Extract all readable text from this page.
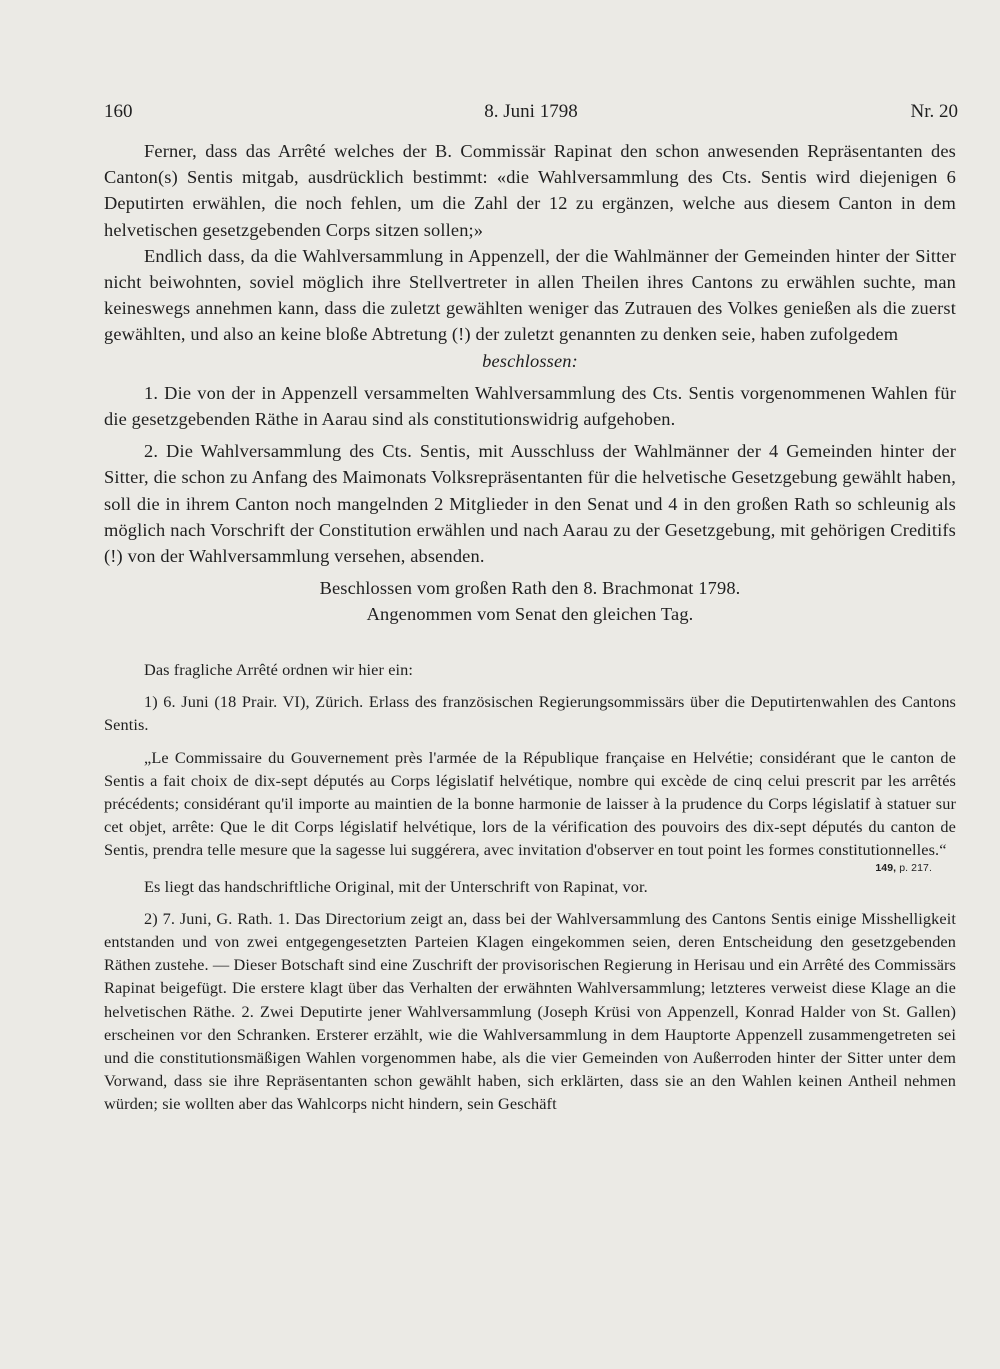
160	8. Juni 1798	Nr. 20

Ferner, dass das Arrêté welches der B. Commissär Rapinat den schon anwesenden Repräsentanten des Canton(s) Sentis mitgab, ausdrücklich bestimmt: «die Wahlversammlung des Cts. Sentis wird diejenigen 6 Deputirten erwählen, die noch fehlen, um die Zahl der 12 zu ergänzen, welche aus diesem Canton in dem helvetischen gesetzgebenden Corps sitzen sollen;»

Endlich dass, da die Wahlversammlung in Appenzell, der die Wahlmänner der Gemeinden hinter der Sitter nicht beiwohnten, soviel möglich ihre Stellvertreter in allen Theilen ihres Cantons zu erwählen suchte, man keineswegs annehmen kann, dass die zuletzt gewählten weniger das Zutrauen des Volkes genießen als die zuerst gewählten, und also an keine bloße Abtretung (!) der zuletzt genannten zu denken seie, haben zufolgedem

beschlossen:

1. Die von der in Appenzell versammelten Wahlversammlung des Cts. Sentis vorgenommenen Wahlen für die gesetzgebenden Räthe in Aarau sind als constitutionswidrig aufgehoben.

2. Die Wahlversammlung des Cts. Sentis, mit Ausschluss der Wahlmänner der 4 Gemeinden hinter der Sitter, die schon zu Anfang des Maimonats Volksrepräsentanten für die helvetische Gesetzgebung gewählt haben, soll die in ihrem Canton noch mangelnden 2 Mitglieder in den Senat und 4 in den großen Rath so schleunig als möglich nach Vorschrift der Constitution erwählen und nach Aarau zu der Gesetzgebung, mit gehörigen Creditifs (!) von der Wahlversammlung versehen, absenden.

Beschlossen vom großen Rath den 8. Brachmonat 1798.

Angenommen vom Senat den gleichen Tag.

Das fragliche Arrêté ordnen wir hier ein:

1) 6. Juni (18 Prair. VI), Zürich. Erlass des französischen Regierungsommissärs über die Deputirtenwahlen des Cantons Sentis.

„Le Commissaire du Gouvernement près l'armée de la République française en Helvétie; considérant que le canton de Sentis a fait choix de dix-sept députés au Corps législatif helvétique, nombre qui excède de cinq celui prescrit par les arrêtés précédents; considérant qu'il importe au maintien de la bonne harmonie de laisser à la prudence du Corps législatif à statuer sur cet objet, arrête: Que le dit Corps législatif helvétique, lors de la vérification des pouvoirs des dix-sept députés du canton de Sentis, prendra telle mesure que la sagesse lui suggérera, avec invitation d'observer en tout point les formes constitutionnelles.“

149, p. 217.

Es liegt das handschriftliche Original, mit der Unterschrift von Rapinat, vor.

2) 7. Juni, G. Rath. 1. Das Directorium zeigt an, dass bei der Wahlversammlung des Cantons Sentis einige Misshelligkeit entstanden und von zwei entgegengesetzten Parteien Klagen eingekommen seien, deren Entscheidung den gesetzgebenden Räthen zustehe. — Dieser Botschaft sind eine Zuschrift der provisorischen Regierung in Herisau und ein Arrêté des Commissärs Rapinat beigefügt. Die erstere klagt über das Verhalten der erwähnten Wahlversammlung; letzteres verweist diese Klage an die helvetischen Räthe. 2. Zwei Deputirte jener Wahlversammlung (Joseph Krüsi von Appenzell, Konrad Halder von St. Gallen) erscheinen vor den Schranken. Ersterer erzählt, wie die Wahlversammlung in dem Hauptorte Appenzell zusammengetreten sei und die constitutionsmäßigen Wahlen vorgenommen habe, als die vier Gemeinden von Außerroden hinter der Sitter unter dem Vorwand, dass sie ihre Repräsentanten schon gewählt haben, sich erklärten, dass sie an den Wahlen keinen Antheil nehmen würden; sie wollten aber das Wahlcorps nicht hindern, sein Geschäft
